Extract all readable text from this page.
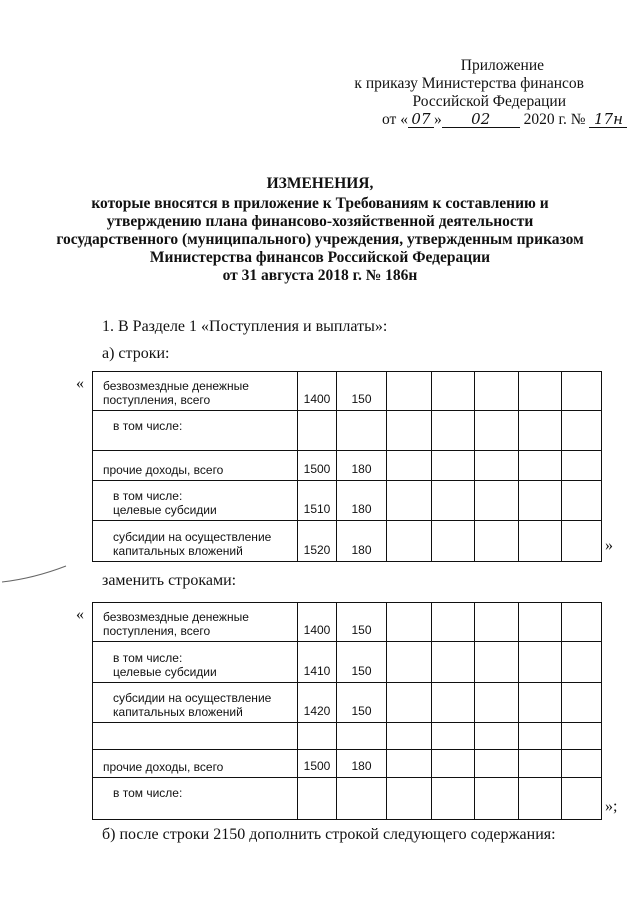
Приложение
к приказу Министерства финансов
Российской Федерации
от « 07 » 02 2020 г. № 17н
ИЗМЕНЕНИЯ,
которые вносятся в приложение к Требованиям к составлению и
утверждению плана финансово-хозяйственной деятельности
государственного (муниципального) учреждения, утвержденным приказом
Министерства финансов Российской Федерации
от 31 августа 2018 г. № 186н
1. В Разделе 1 «Поступления и выплаты»:
а) строки:
« безвозмездные денежные
поступления, всего	1400	150					

в том числе:							

прочие доходы, всего	1500	180					

в том числе:
целевые субсидии	1510	180					

субсидии на осуществление
капитальных вложений	1520	180						»
заменить строками:
« безвозмездные денежные
поступления, всего	1400	150					

в том числе:
целевые субсидии	1410	150					

субсидии на осуществление
капитальных вложений	1420	150					

прочие доходы, всего	1500	180					

в том числе:							

»;
б) после строки 2150 дополнить строкой следующего содержания:
